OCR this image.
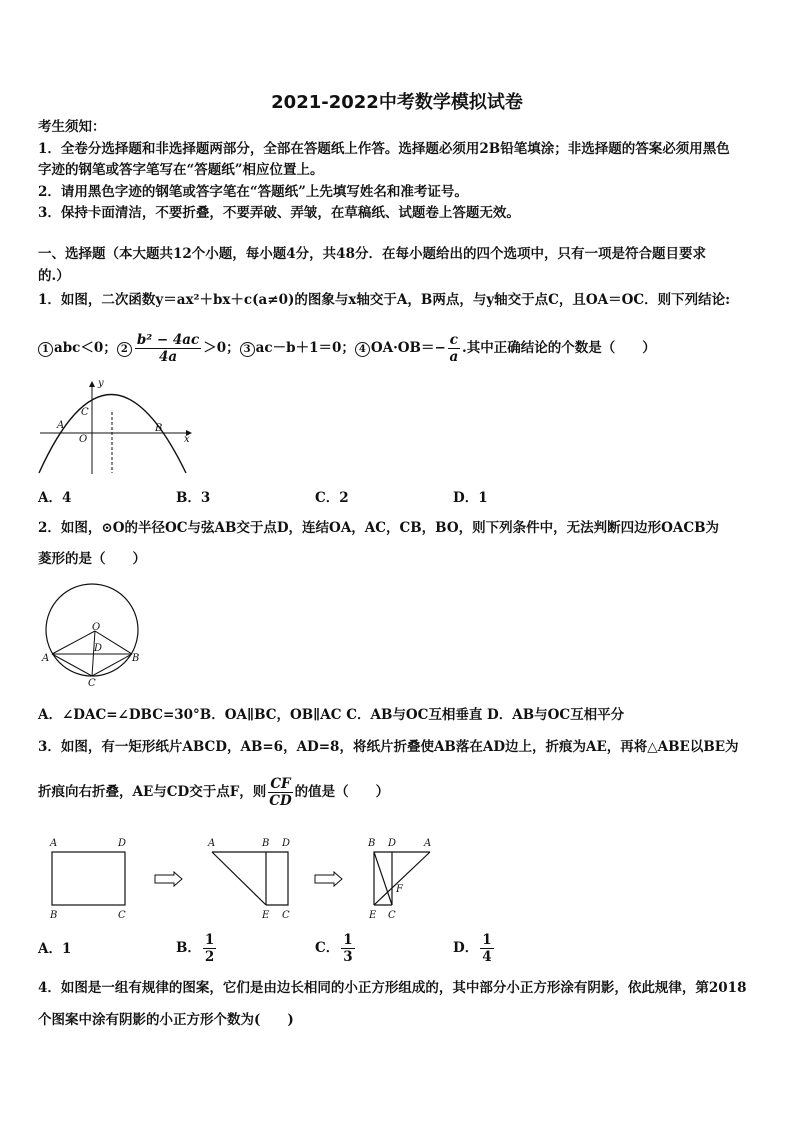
2021-2022中考数学模拟试卷
考生须知：
1．全卷分选择题和非选择题两部分，全部在答题纸上作答。选择题必须用2B铅笔填涂；非选择题的答案必须用黑色
字迹的钢笔或答字笔写在“答题纸”相应位置上。
2．请用黑色字迹的钢笔或答字笔在“答题纸”上先填写姓名和准考证号。
3．保持卡面清洁，不要折叠，不要弄破、弄皱，在草稿纸、试题卷上答题无效。
一、选择题（本大题共12个小题，每小题4分，共48分．在每小题给出的四个选项中，只有一项是符合题目要求
的.）
1．如图，二次函数y＝ax²＋bx＋c(a≠0)的图象与x轴交于A，B两点，与y轴交于点C，且OA＝OC．则下列结论:
1 abc＜0； $2 \frac{\text{b² − 4ac}}{4a} >0$； 3 ac－b＋1＝0； 4 $OA\cdot OB=- \frac{c}{a}$ .其中正确结论的个数是（　　）
y
x
C
A
O
B
A．4	B．3	C．2	D．1
2．如图，⊙O的半径OC与弦AB交于点D，连结OA，AC，CB，BO，则下列条件中，无法判断四边形OACB为
菱形的是（　　）
O
D
A	B
C
A．∠DAC=∠DBC=30°B．OA∥BC，OB∥AC C．AB与OC互相垂直 D．AB与OC互相平分
3．如图，有一矩形纸片ABCD，AB=6，AD=8，将纸片折叠使AB落在AD边上，折痕为AE，再将△ABE以BE为
折痕向右折叠，AE与CD交于点F，则 $\frac{CF}{CD}$ 的值是（　　）
A	D
B	C
A	B D
E C
B D	A
F
E C
A．1	B． $\frac{1}{2}$	C． $\frac{1}{3}$	D． $\frac{1}{4}$
4．如图是一组有规律的图案，它们是由边长相同的小正方形组成的，其中部分小正方形涂有阴影，依此规律，第2018
个图案中涂有阴影的小正方形个数为(　　)
